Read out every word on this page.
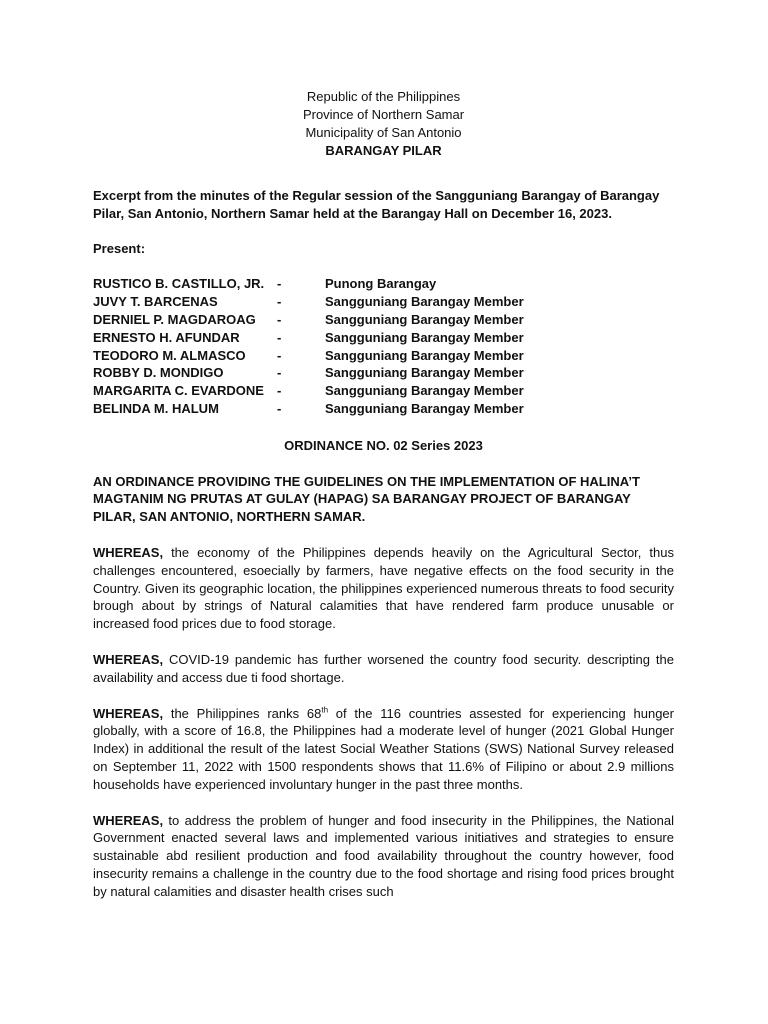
Republic of the Philippines
Province of Northern Samar
Municipality of San Antonio
BARANGAY PILAR
Excerpt from the minutes of the Regular session of the Sangguniang Barangay of Barangay Pilar, San Antonio, Northern Samar held at the Barangay Hall on December 16, 2023.
Present:
RUSTICO B. CASTILLO, JR. -	Punong Barangay
JUVY T. BARCENAS	-	Sangguniang Barangay Member
DERNIEL P. MAGDAROAG	-	Sangguniang Barangay Member
ERNESTO H. AFUNDAR	-	Sangguniang Barangay Member
TEODORO M. ALMASCO	-	Sangguniang Barangay Member
ROBBY D. MONDIGO	-	Sangguniang Barangay Member
MARGARITA C. EVARDONE	-	Sangguniang Barangay Member
BELINDA M. HALUM	-	Sangguniang Barangay Member
ORDINANCE NO. 02 Series 2023
AN ORDINANCE PROVIDING THE GUIDELINES ON THE IMPLEMENTATION OF HALINA’T MAGTANIM NG PRUTAS AT GULAY (HAPAG) SA BARANGAY PROJECT OF BARANGAY PILAR, SAN ANTONIO, NORTHERN SAMAR.
WHEREAS, the economy of the Philippines depends heavily on the Agricultural Sector, thus challenges encountered, esoecially by farmers, have negative effects on the food security in the Country. Given its geographic location, the philippines experienced numerous threats to food security brough about by strings of Natural calamities that have rendered farm produce unusable or increased food prices due to food storage.
WHEREAS, COVID-19 pandemic has further worsened the country food security. descripting the availability and access due ti food shortage.
WHEREAS, the Philippines ranks 68th of the 116 countries assested for experiencing hunger globally, with a score of 16.8, the Philippines had a moderate level of hunger (2021 Global Hunger Index) in additional the result of the latest Social Weather Stations (SWS) National Survey released on September 11, 2022 with 1500 respondents shows that 11.6% of Filipino or about 2.9 millions households have experienced involuntary hunger in the past three months.
WHEREAS, to address the problem of hunger and food insecurity in the Philippines, the National Government enacted several laws and implemented various initiatives and strategies to ensure sustainable abd resilient production and food availability throughout the country however, food insecurity remains a challenge in the country due to the food shortage and rising food prices brought by natural calamities and disaster health crises such
